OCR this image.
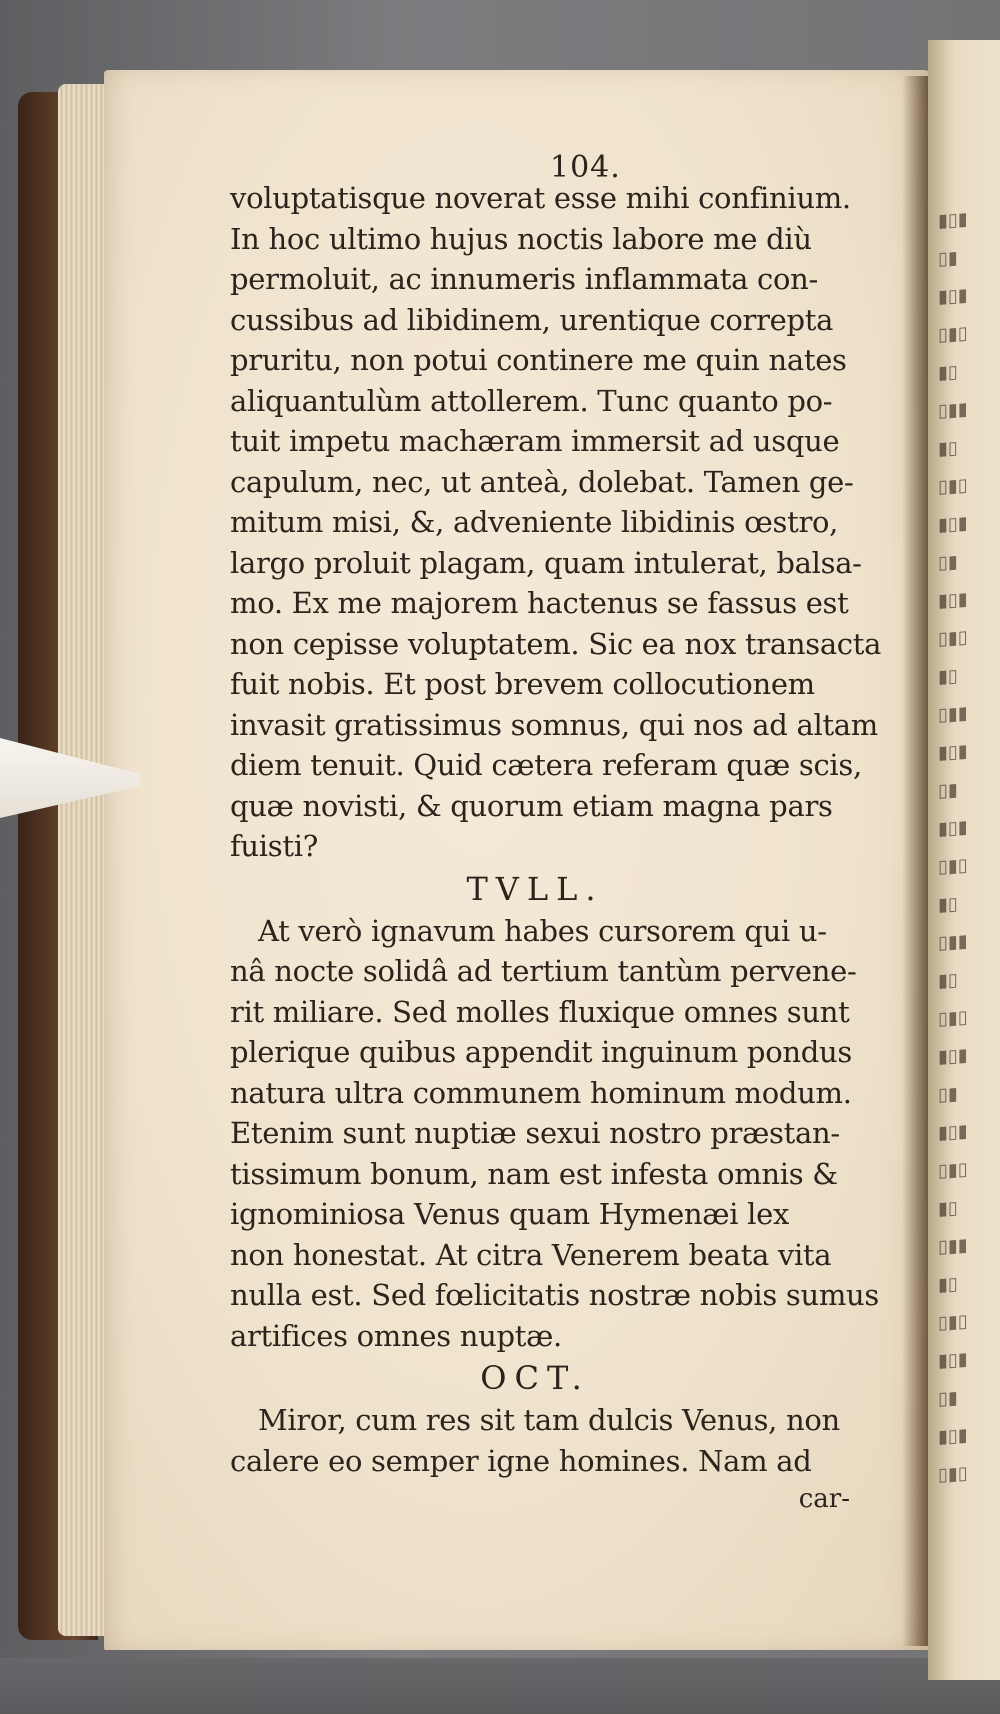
▮▯▮
▯▮
▮▯▮
▯▮▯
▮▯
▯▮▮
▮▯
▯▮▯
▮▯▮
▯▮
▮▯▮
▯▮▯
▮▯
▯▮▮
▮▯▮
▯▮
▮▯▮
▯▮▯
▮▯
▯▮▮
▮▯
▯▮▯
▮▯▮
▯▮
▮▯▮
▯▮▯
▮▯
▯▮▮
▮▯
▯▮▯
▮▯▮
▯▮
▮▯▮
▯▮▯
104.
voluptatisque noverat esse mihi confinium.
In hoc ultimo hujus noctis labore me diù
permoluit, ac innumeris inflammata con-
cussibus ad libidinem, urentique correpta
pruritu, non potui continere me quin nates
aliquantulùm attollerem. Tunc quanto po-
tuit impetu machæram immersit ad usque
capulum, nec, ut anteà, dolebat. Tamen ge-
mitum misi, &, adveniente libidinis œstro,
largo proluit plagam, quam intulerat, balsa-
mo. Ex me majorem hactenus se fassus est
non cepisse voluptatem. Sic ea nox transacta
fuit nobis. Et post brevem collocutionem
invasit gratissimus somnus, qui nos ad altam
diem tenuit. Quid cætera referam quæ scis,
quæ novisti, & quorum etiam magna pars
fuisti?
TVLL.
At verò ignavum habes cursorem qui u-
nâ nocte solidâ ad tertium tantùm pervene-
rit miliare. Sed molles fluxique omnes sunt
plerique quibus appendit inguinum pondus
natura ultra communem hominum modum.
Etenim sunt nuptiæ sexui nostro præstan-
tissimum bonum, nam est infesta omnis &
ignominiosa Venus quam Hymenæi lex
non honestat. At citra Venerem beata vita
nulla est. Sed fœlicitatis nostræ nobis sumus
artifices omnes nuptæ.
OCT.
Miror, cum res sit tam dulcis Venus, non
calere eo semper igne homines. Nam ad
car-
